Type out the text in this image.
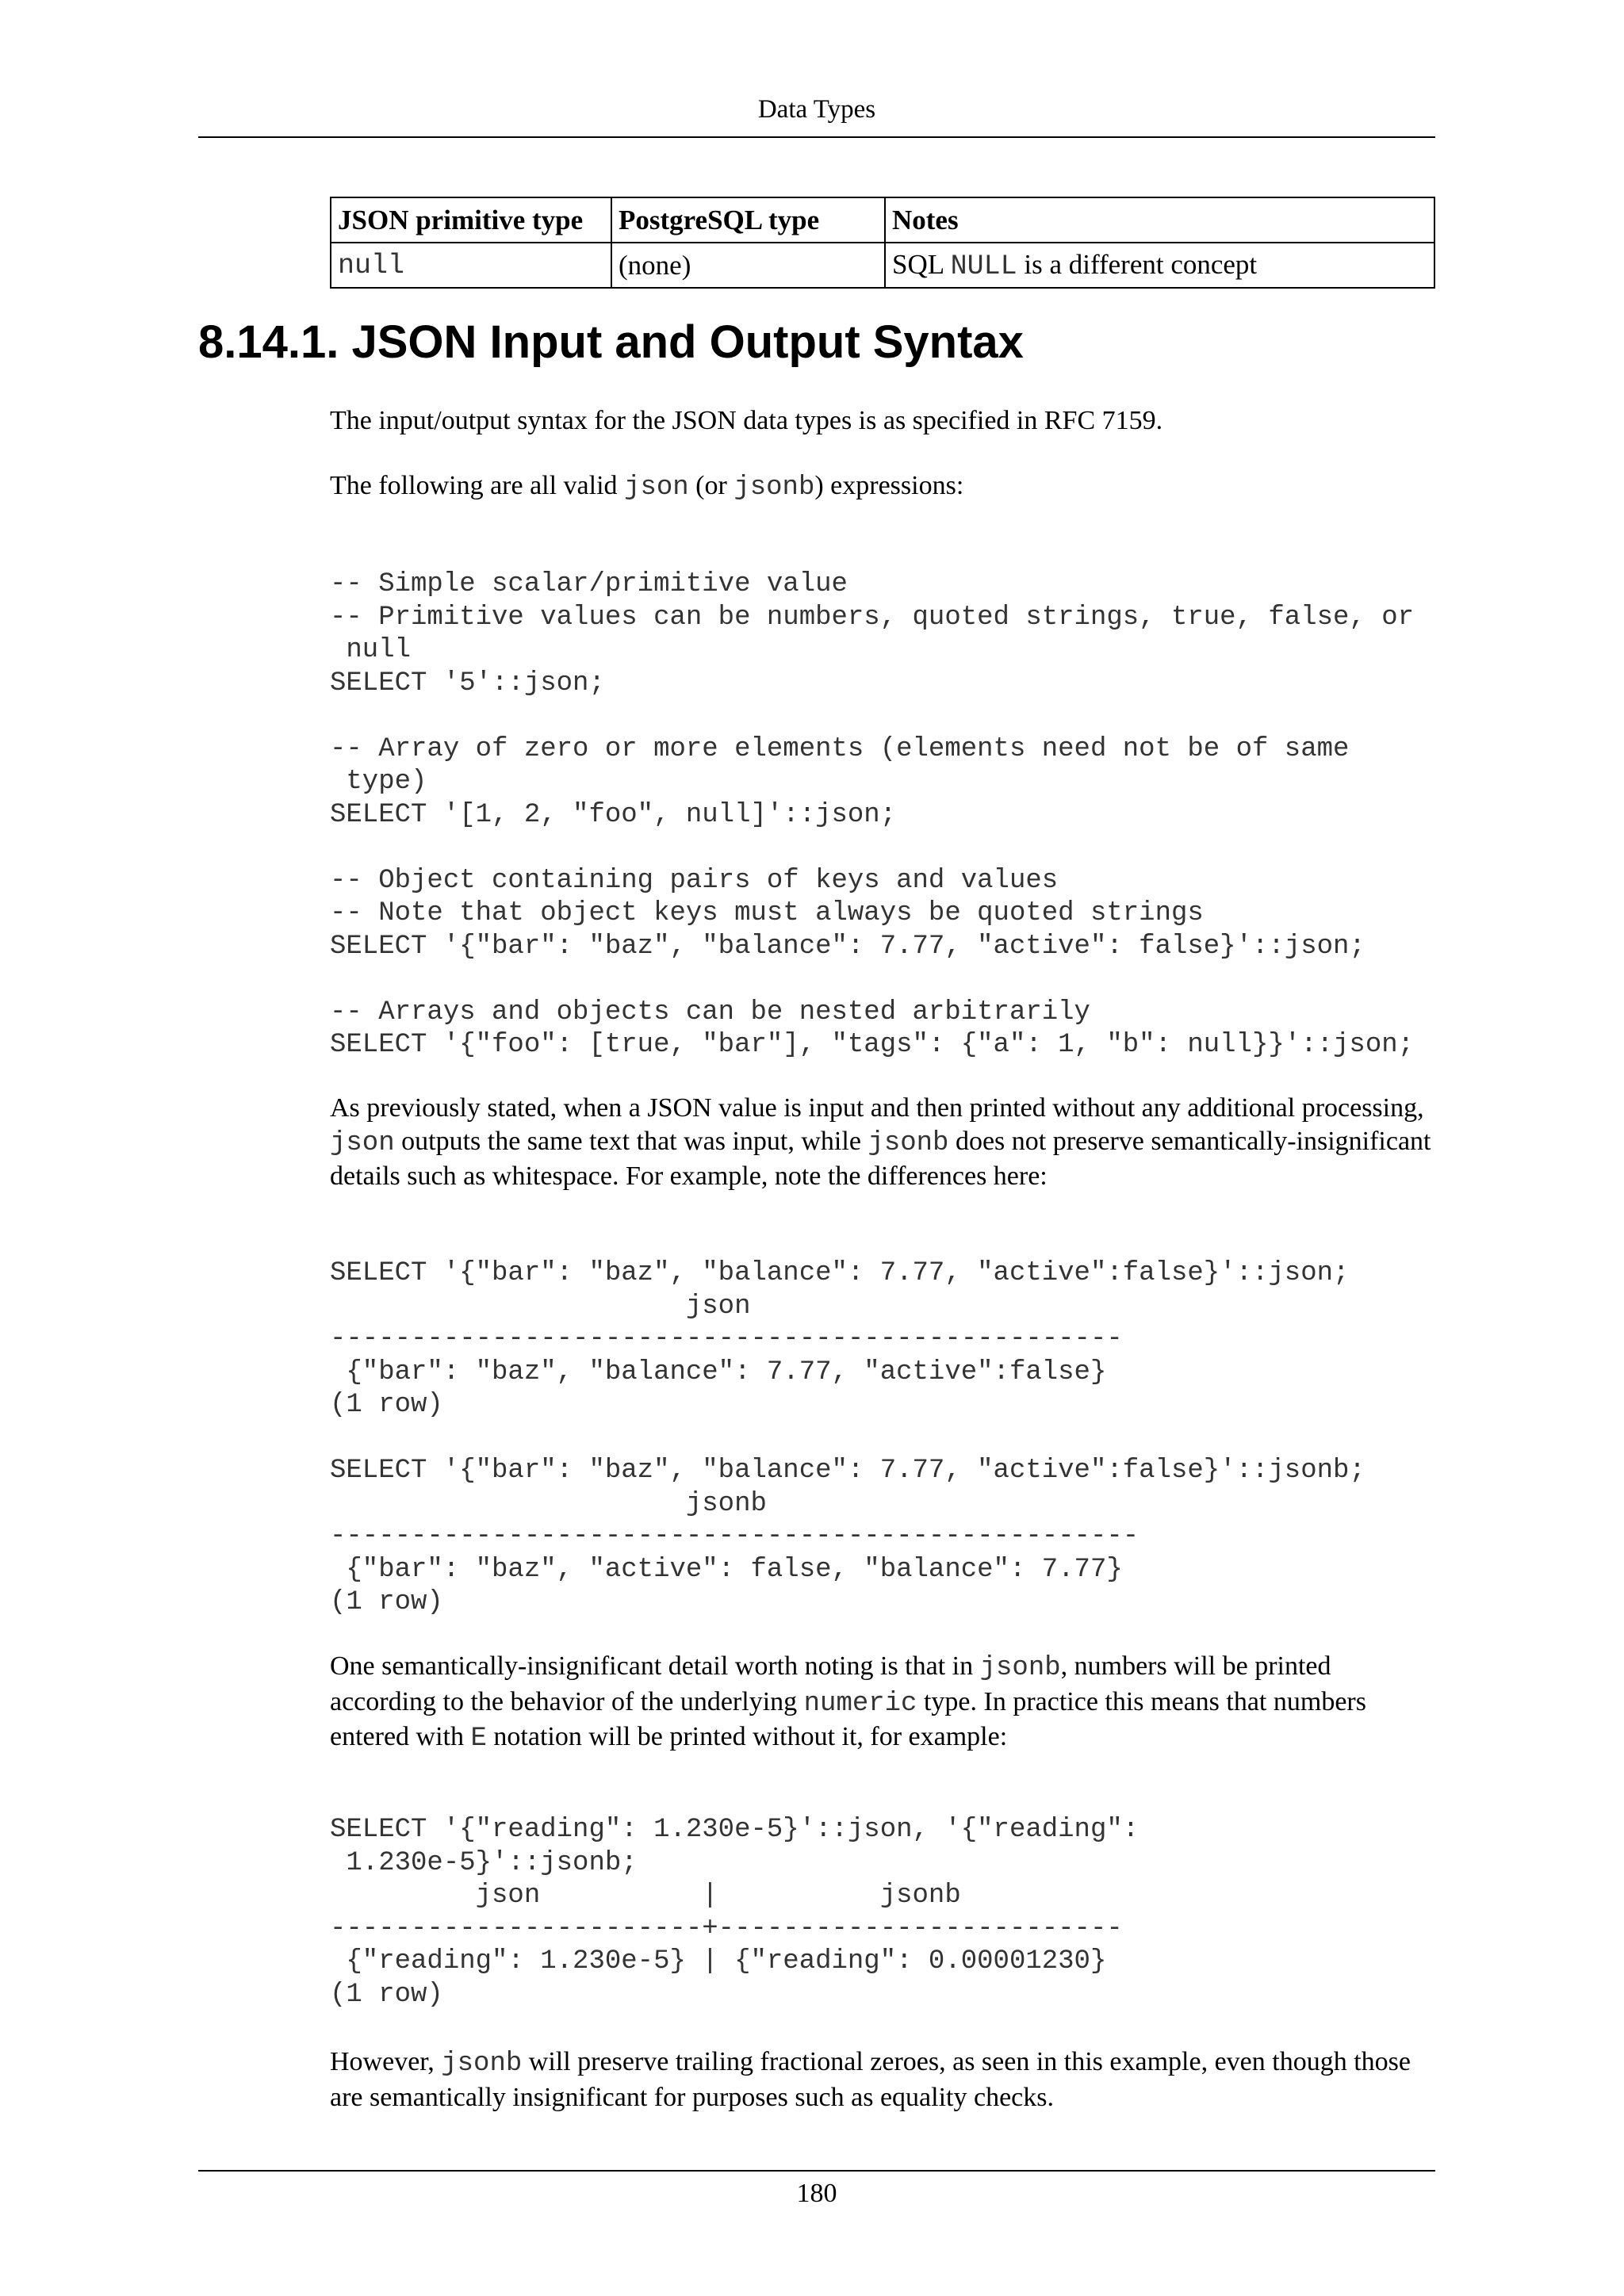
Data Types
JSON primitive type	PostgreSQL type	Notes
null	(none)	SQL NULL is a different concept
8.14.1. JSON Input and Output Syntax

The input/output syntax for the JSON data types is as specified in RFC 7159.

The following are all valid json (or jsonb) expressions:

-- Simple scalar/primitive value
-- Primitive values can be numbers, quoted strings, true, false, or
null
SELECT '5'::json;

-- Array of zero or more elements (elements need not be of same
type)
SELECT '[1, 2, "foo", null]'::json;

-- Object containing pairs of keys and values
-- Note that object keys must always be quoted strings
SELECT '{"bar": "baz", "balance": 7.77, "active": false}'::json;

-- Arrays and objects can be nested arbitrarily
SELECT '{"foo": [true, "bar"], "tags": {"a": 1, "b": null}}'::json;

As previously stated, when a JSON value is input and then printed without any additional processing, json outputs the same text that was input, while jsonb does not preserve semantically-insignificant details such as whitespace. For example, note the differences here:

SELECT '{"bar": "baz", "balance": 7.77, "active":false}'::json;
json
-------------------------------------------------
{"bar": "baz", "balance": 7.77, "active":false}
(1 row)

SELECT '{"bar": "baz", "balance": 7.77, "active":false}'::jsonb;
jsonb
--------------------------------------------------
{"bar": "baz", "active": false, "balance": 7.77}
(1 row)

One semantically-insignificant detail worth noting is that in jsonb, numbers will be printed according to the behavior of the underlying numeric type. In practice this means that numbers entered with E notation will be printed without it, for example:

SELECT '{"reading": 1.230e-5}'::json, '{"reading":
1.230e-5}'::jsonb;
json          |          jsonb
-----------------------+-------------------------
{"reading": 1.230e-5} | {"reading": 0.00001230}
(1 row)

However, jsonb will preserve trailing fractional zeroes, as seen in this example, even though those are semantically insignificant for purposes such as equality checks.

180
